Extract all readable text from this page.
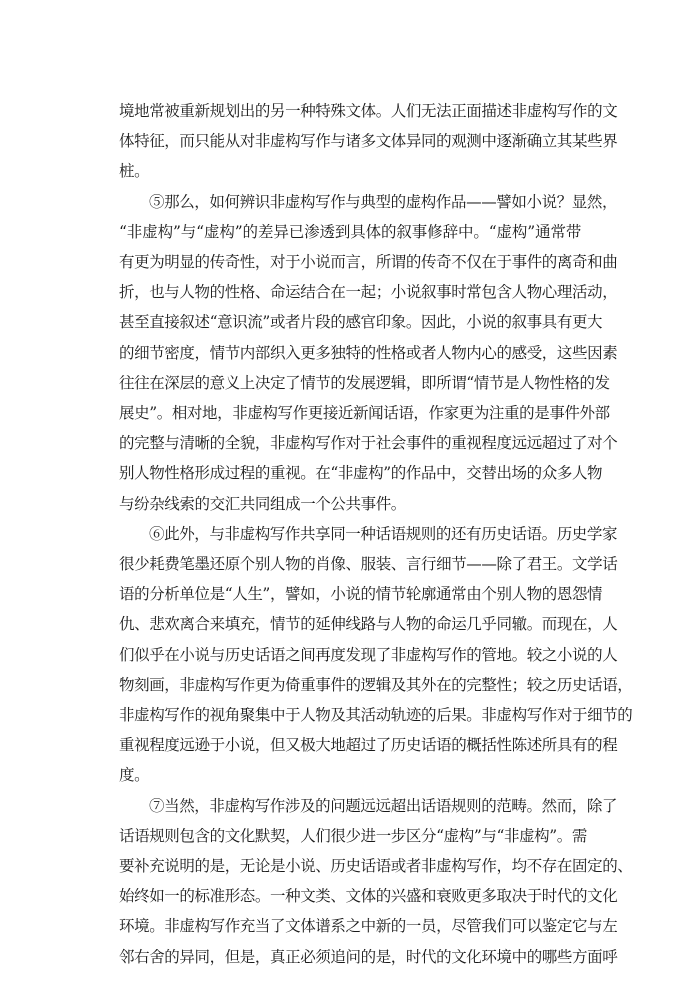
境地常被重新规划出的另一种特殊文体。人们无法正面描述非虚构写作的文
体特征，而只能从对非虚构写作与诸多文体异同的观测中逐渐确立其某些界
桩。

⑤那么，如何辨识非虚构写作与典型的虚构作品——譬如小说？显然，
“非虚构”与“虚构”的差异已渗透到具体的叙事修辞中。“虚构”通常带
有更为明显的传奇性，对于小说而言，所谓的传奇不仅在于事件的离奇和曲
折，也与人物的性格、命运结合在一起；小说叙事时常包含人物心理活动，
甚至直接叙述“意识流”或者片段的感官印象。因此，小说的叙事具有更大
的细节密度，情节内部织入更多独特的性格或者人物内心的感受，这些因素
往往在深层的意义上决定了情节的发展逻辑，即所谓“情节是人物性格的发
展史”。相对地，非虚构写作更接近新闻话语，作家更为注重的是事件外部
的完整与清晰的全貌，非虚构写作对于社会事件的重视程度远远超过了对个
别人物性格形成过程的重视。在“非虚构”的作品中，交替出场的众多人物
与纷杂线索的交汇共同组成一个公共事件。

⑥此外，与非虚构写作共享同一种话语规则的还有历史话语。历史学家
很少耗费笔墨还原个别人物的肖像、服装、言行细节——除了君王。文学话
语的分析单位是“人生”，譬如，小说的情节轮廓通常由个别人物的恩怨情
仇、悲欢离合来填充，情节的延伸线路与人物的命运几乎同辙。而现在，人
们似乎在小说与历史话语之间再度发现了非虚构写作的管地。较之小说的人
物刻画，非虚构写作更为倚重事件的逻辑及其外在的完整性；较之历史话语，
非虚构写作的视角聚集中于人物及其活动轨迹的后果。非虚构写作对于细节的
重视程度远逊于小说，但又极大地超过了历史话语的概括性陈述所具有的程
度。

⑦当然，非虚构写作涉及的问题远远超出话语规则的范畴。然而，除了
话语规则包含的文化默契，人们很少进一步区分“虚构”与“非虚构”。需
要补充说明的是，无论是小说、历史话语或者非虚构写作，均不存在固定的、
始终如一的标准形态。一种文类、文体的兴盛和衰败更多取决于时代的文化
环境。非虚构写作充当了文体谱系之中新的一员，尽管我们可以鉴定它与左
邻右舍的异同，但是，真正必须追问的是，时代的文化环境中的哪些方面呼
